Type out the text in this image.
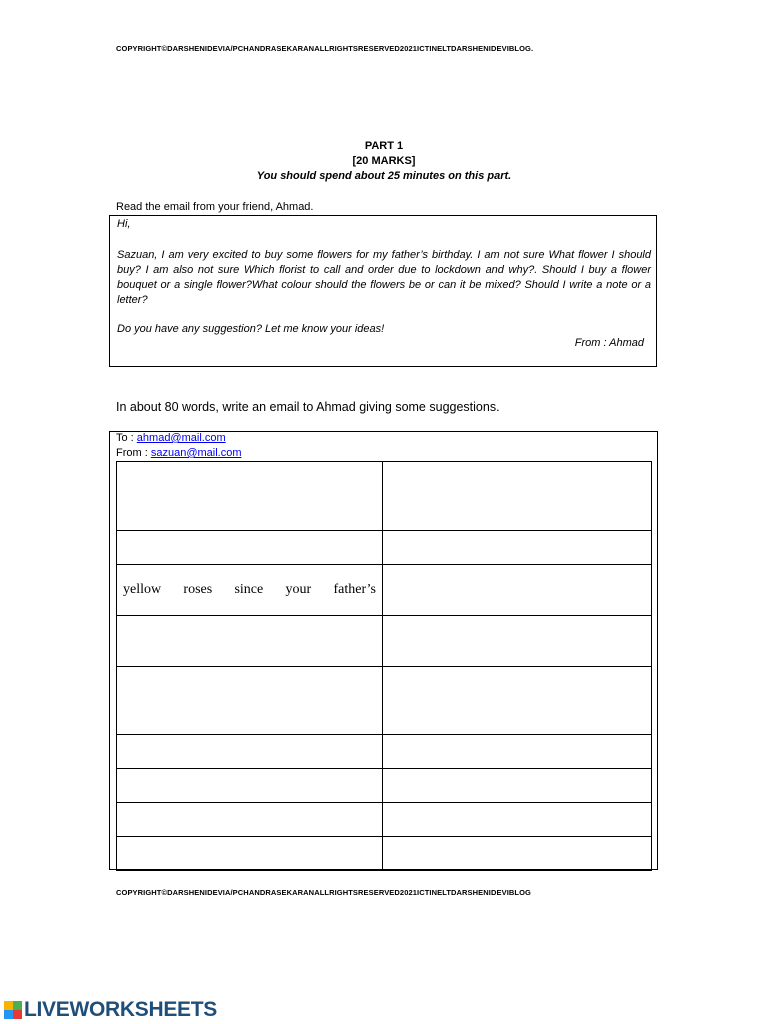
COPYRIGHT©DARSHENIDEVIA/PCHANDRASEKARANALLRIGHTSRESERVED2021ICTINELTDARSHENIDEVIBLOG.
PART 1
[20 MARKS]
You should spend about 25 minutes on this part.
Read the email from your friend, Ahmad.
Hi,
Sazuan, I am very excited to buy some flowers for my father’s birthday. I am not sure What flower I should buy? I am also not sure Which florist to call and order due to lockdown and why?. Should I buy a flower bouquet or a single flower?What colour should the flowers be or can it be mixed? Should I write a note or a letter?
Do you have any suggestion? Let me know your ideas!
From : Ahmad
In about 80 words, write an email to Ahmad giving some suggestions.
To : ahmad@mail.com
From : sazuan@mail.com

yellow roses since your father’s	

COPYRIGHT©DARSHENIDEVIA/PCHANDRASEKARANALLRIGHTSRESERVED2021ICTINELTDARSHENIDEVIBLOG
LIVEWORKSHEETS
